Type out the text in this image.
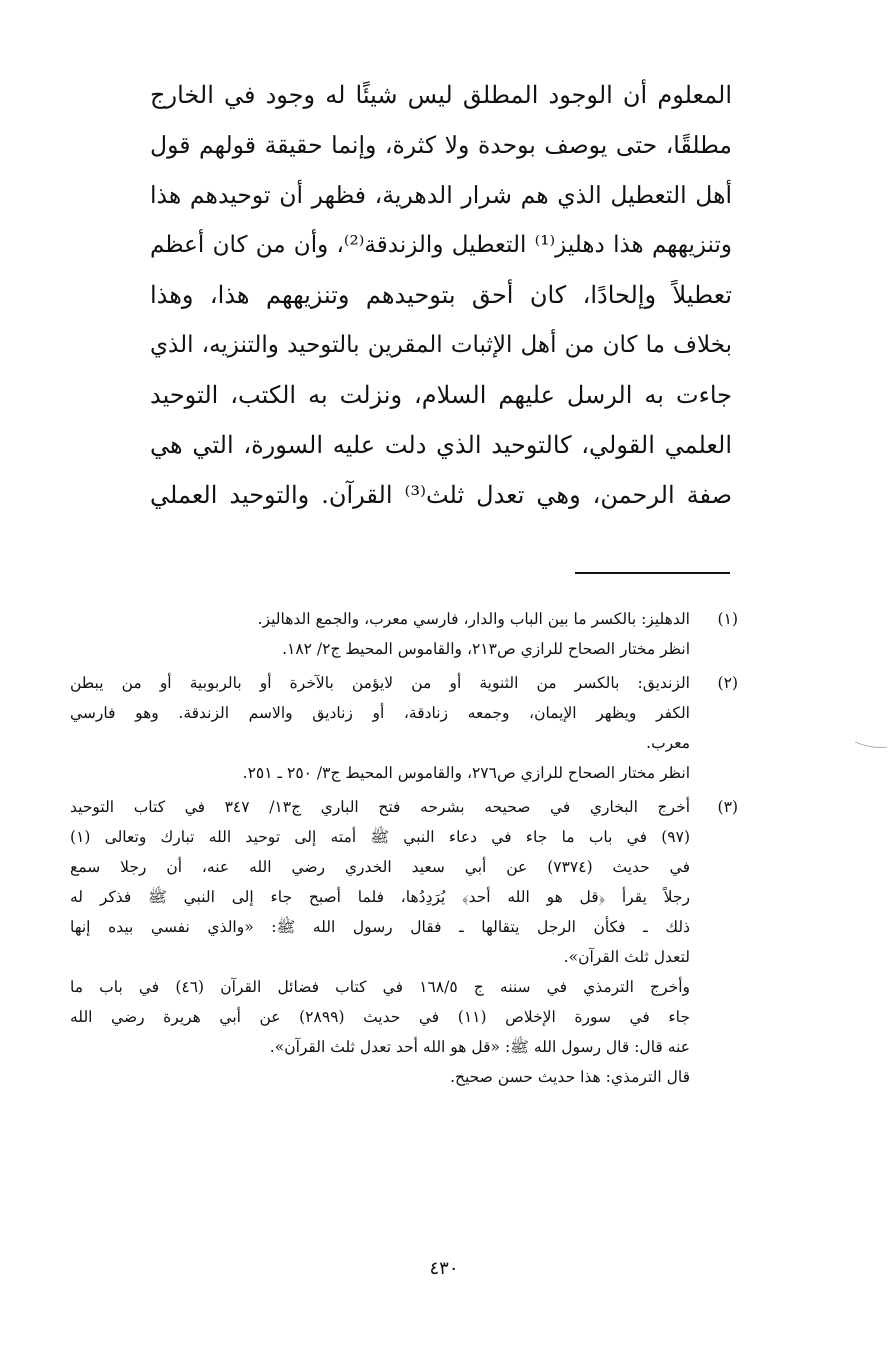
المعلوم أن الوجود المطلق ليس شيئًا له وجود في الخارج
مطلقًا، حتى يوصف بوحدة ولا كثرة، وإنما حقيقة قولهم قول
أهل التعطيل الذي هم شرار الدهرية، فظهر أن توحيدهم هذا
وتنزيههم هذا دهليز⁽¹⁾ التعطيل والزندقة⁽²⁾، وأن من كان أعظم
تعطيلاً وإلحادًا، كان أحق بتوحيدهم وتنزيههم هذا، وهذا
بخلاف ما كان من أهل الإثبات المقرين بالتوحيد والتنزيه، الذي
جاءت به الرسل عليهم السلام، ونزلت به الكتب، التوحيد
العلمي القولي، كالتوحيد الذي دلت عليه السورة، التي هي
صفة الرحمن، وهي تعدل ثلث⁽³⁾ القرآن. والتوحيد العملي
(١)
الدهليز: بالكسر ما بين الباب والدار، فارسي معرب، والجمع الدهاليز.
انظر مختار الصحاح للرازي ص٢١٣، والقاموس المحيط ج٢/ ١٨٢.
(٢)
الزنديق: بالكسر من الثنوية أو من لايؤمن بالآخرة أو بالربوبية أو من يبطن
الكفر ويظهر الإيمان، وجمعه زنادقة، أو زناديق والاسم الزندقة. وهو فارسي
معرب.
انظر مختار الصحاح للرازي ص٢٧٦، والقاموس المحيط ج٣/ ٢٥٠ ـ ٢٥١.
(٣)
أخرج البخاري في صحيحه بشرحه فتح الباري ج١٣/ ٣٤٧ في كتاب التوحيد
(٩٧) في باب ما جاء في دعاء النبي ﷺ أمته إلى توحيد الله تبارك وتعالى (١)
في حديث (٧٣٧٤) عن أبي سعيد الخدري رضي الله عنه، أن رجلا سمع
رجلاً يقرأ ﴿قل هو الله أحد﴾ يُرَدِدُها، فلما أصبح جاء إلى النبي ﷺ فذكر له
ذلك ـ فكأن الرجل يتقالها ـ فقال رسول الله ﷺ: «والذي نفسي بيده إنها
لتعدل ثلث القرآن».
وأخرج الترمذي في سننه ج ١٦٨/٥ في كتاب فضائل القرآن (٤٦) في باب ما
جاء في سورة الإخلاص (١١) في حديث (٢٨٩٩) عن أبي هريرة رضي الله
عنه قال: قال رسول الله ﷺ: «قل هو الله أحد تعدل ثلث القرآن».
قال الترمذي: هذا حديث حسن صحيح.
٤٣٠
